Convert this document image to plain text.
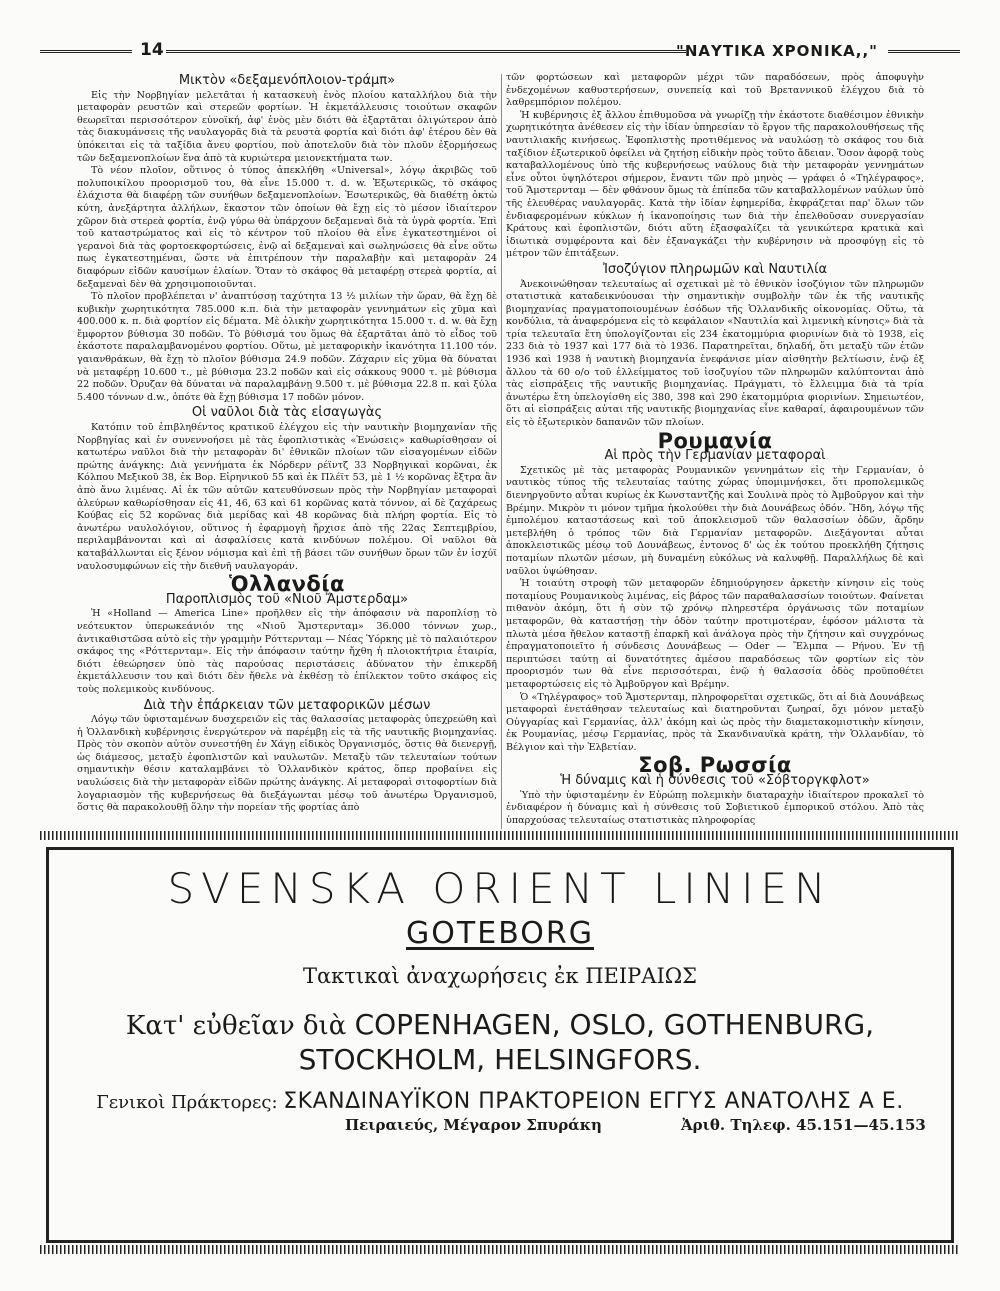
14	"ΝΑΥΤΙΚΑ ΧΡΟΝΙΚΑ,,"
Μικτὸν «δεξαμενόπλοιον-τράμπ»

Εἰς τὴν Νορβηγίαν μελετᾶται ἡ κατασκευὴ ἑνὸς πλοίου καταλλήλου διὰ τὴν μεταφορὰν ρευστῶν καὶ στερεῶν φορτίων. Ἡ ἐκμετάλλευσις τοιούτων σκαφῶν θεωρεῖται περισσότερον εὐνοϊκή, ἀφ' ἑνὸς μὲν διότι θὰ ἐξαρτᾶται ὀλιγώτερον ἀπὸ τὰς διακυμάνσεις τῆς ναυλαγορᾶς διὰ τὰ ρευστὰ φορτία καὶ διότι ἀφ' ἑτέρου δὲν θὰ ὑπόκειται εἰς τὰ ταξίδια ἄνευ φορτίου, ποὺ ἀποτελοῦν διὰ τὸν πλοῦν ἐξορμήσεως τῶν δεξαμενοπλοίων ἕνα ἀπὸ τὰ κυριώτερα μειονεκτήματα των.

Τὸ νέον πλοῖον, οὕτινος ὁ τύπος ἀπεκλήθη «Universal», λόγῳ ἀκριβῶς τοῦ πολυποικίλου προορισμοῦ του, θὰ εἶνε 15.000 τ. d. w. Ἐξωτερικῶς, τὸ σκάφος ἐλάχιστα θὰ διαφέρῃ τῶν συνήθων δεξαμενοπλοίων. Ἐσωτερικῶς, θὰ διαθέτῃ ὀκτὼ κύτη, ἀνεξάρτητα ἀλλήλων, ἕκαστον τῶν ὁποίων θὰ ἔχῃ εἰς τὸ μέσον ἰδιαίτερον χῶρον διὰ στερεὰ φορτία, ἐνῷ γύρω θὰ ὑπάρχουν δεξαμεναὶ διὰ τὰ ὑγρὰ φορτία. Ἐπὶ τοῦ καταστρώματος καὶ εἰς τὸ κέντρον τοῦ πλοίου θὰ εἶνε ἐγκατεστημένοι οἱ γερανοὶ διὰ τὰς φορτοεκφορτώσεις, ἐνῷ αἱ δεξαμεναὶ καὶ σωληνώσεις θὰ εἶνε οὕτω πως ἐγκατεστημέναι, ὥστε νὰ ἐπιτρέπουν τὴν παραλαβὴν καὶ μεταφορὰν 24 διαφόρων εἰδῶν καυσίμων ἐλαίων. Ὅταν τὸ σκάφος θὰ μεταφέρῃ στερεὰ φορτία, αἱ δεξαμεναὶ δὲν θὰ χρησιμοποιοῦνται.

Τὸ πλοῖον προβλέπεται ν' ἀναπτύσσῃ ταχύτητα 13 ½ μιλίων τὴν ὥραν, θὰ ἔχῃ δὲ κυβικὴν χωρητικότητα 785.000 κ.π. διὰ τὴν μεταφορὰν γεννημάτων εἰς χῦμα καὶ 400.000 κ. π. διὰ φορτίον εἰς δέματα. Μὲ ὁλικὴν χωρητικότητα 15.000 τ. d. w. θὰ ἔχῃ ἔμφορτον βύθισμα 30 ποδῶν. Τὸ βύθισμά του ὅμως θὰ ἐξαρτᾶται ἀπὸ τὸ εἶδος τοῦ ἑκάστοτε παραλαμβανομένου φορτίου. Οὕτω, μὲ μεταφορικὴν ἱκανότητα 11.100 τόν. γαιανθράκων, θὰ ἔχῃ τὸ πλοῖον βύθισμα 24.9 ποδῶν. Ζάχαριν εἰς χῦμα θὰ δύναται νὰ μεταφέρῃ 10.600 τ., μὲ βύθισμα 23.2 ποδῶν καὶ εἰς σάκκους 9000 τ. μὲ βύθισμα 22 ποδῶν. Ὀρυζαν θὰ δύναται νὰ παραλαμβάνῃ 9.500 τ. μὲ βύθισμα 22.8 π. καὶ ξύλα 5.400 τόννων d.w., ὁπότε θὰ ἔχῃ βύθισμα 17 ποδῶν μόνον.

Οἱ ναῦλοι διὰ τὰς εἰσαγωγὰς

Κατόπιν τοῦ ἐπιβληθέντος κρατικοῦ ἐλέγχου εἰς τὴν ναυτικὴν βιομηχανίαν τῆς Νορβηγίας καὶ ἐν συνεννοήσει μὲ τὰς ἐφοπλιστικὰς «Ἑνώσεις» καθωρίσθησαν οἱ κατωτέρω ναῦλοι διὰ τὴν μεταφορὰν δι' ἐθνικῶν πλοίων τῶν εἰσαγομένων εἰδῶν πρώτης ἀνάγκης: Διὰ γεννήματα ἐκ Νόρδερν ρέϊντζ 33 Νορβηγικαὶ κορῶναι, ἐκ Κόλπου Μεξικοῦ 38, ἐκ Βορ. Εἰρηνικοῦ 55 καὶ ἐκ Πλέϊτ 53, μὲ 1 ½ κορῶνας ἔξτρα ἂν ἀπὸ ἄνω λιμένας. Αἱ ἐκ τῶν αὐτῶν κατευθύνσεων πρὸς τὴν Νορβηγίαν μεταφοραὶ ἀλεύρων καθωρίσθησαν εἰς 41, 46, 63 καὶ 61 κορῶνας κατὰ τόννον, αἱ δὲ ζαχάρεως Κούβας εἰς 52 κορῶνας διὰ μερίδας καὶ 48 κορῶνας διὰ πλήρη φορτία. Εἰς τὸ ἀνωτέρω ναυλολόγιον, οὕτινος ἡ ἐφαρμογὴ ἤρχισε ἀπὸ τῆς 22ας Σεπτεμβρίου, περιλαμβάνονται καὶ αἱ ἀσφαλίσεις κατὰ κινδύνων πολέμου. Οἱ ναῦλοι θὰ καταβάλλωνται εἰς ξένον νόμισμα καὶ ἐπὶ τῇ βάσει τῶν συνήθων ὅρων τῶν ἐν ἰσχύϊ ναυλοσυμφώνων εἰς τὴν διεθνῆ ναυλαγοράν.

Ὁλλανδία
Παροπλισμὸς τοῦ «Νιοῦ Ἄμστερδαμ»

Ἡ «Holland — America Line» προῆλθεν εἰς τὴν ἀπόφασιν νὰ παροπλίσῃ τὸ νεότευκτον ὑπερωκεάνιόν της «Νιοῦ Ἄμστερνταμ» 36.000 τόννων χωρ., ἀντικαθιστῶσα αὐτὸ εἰς τὴν γραμμὴν Ρόττερνταμ — Νέας Ὑόρκης μὲ τὸ παλαιότερον σκάφος της «Ρόττερνταμ». Εἰς τὴν ἀπόφασιν ταύτην ἤχθη ἡ πλοιοκτήτρια ἑταιρία, διότι ἐθεώρησεν ὑπὸ τὰς παρούσας περιστάσεις ἀδύνατον τὴν ἐπικερδῆ ἐκμετάλλευσιν του καὶ διότι δὲν ἤθελε νὰ ἐκθέσῃ τὸ ἐπίλεκτον τοῦτο σκάφος εἰς τοὺς πολεμικοὺς κινδύνους.

Διὰ τὴν ἐπάρκειαν τῶν μεταφορικῶν μέσων

Λόγῳ τῶν ὑφισταμένων δυσχερειῶν εἰς τὰς θαλασσίας μεταφορὰς ὑπεχρεώθη καὶ ἡ Ὁλλανδικὴ κυβέρνησις ἐνεργώτερον νὰ παρέμβῃ εἰς τὰ τῆς ναυτικῆς βιομηχανίας. Πρὸς τὸν σκοπὸν αὐτὸν συνεστήθη ἐν Χάγῃ εἰδικὸς Ὀργανισμός, ὅστις θὰ διενεργῇ, ὡς διάμεσος, μεταξὺ ἐφοπλιστῶν καὶ ναυλωτῶν. Μεταξὺ τῶν τελευταίων τούτων σημαντικὴν θέσιν καταλαμβάνει τὸ Ὁλλανδικὸν κράτος, ὅπερ προβαίνει εἰς ναυλώσεις διὰ τὴν μεταφορὰν εἰδῶν πρώτης ἀνάγκης. Αἱ μεταφοραὶ σιτοφορτίων διὰ λογαριασμὸν τῆς κυβερνήσεως θὰ διεξάγωνται μέσῳ τοῦ ἀνωτέρω Ὀργανισμοῦ, ὅστις θὰ παρακολουθῇ ὅλην τὴν πορείαν τῆς φορτίας ἀπὸ

τῶν φορτώσεων καὶ μεταφορῶν μέχρι τῶν παραδόσεων, πρὸς ἀποφυγὴν ἐνδεχομένων καθυστερήσεων, συνεπείᾳ καὶ τοῦ Βρεταννικοῦ ἐλέγχου διὰ τὸ λαθρεμπόριον πολέμου.

Ἡ κυβέρνησις ἐξ ἄλλου ἐπιθυμοῦσα νὰ γνωρίζῃ τὴν ἑκάστοτε διαθέσιμον ἐθνικὴν χωρητικότητα ἀνέθεσεν εἰς τὴν ἰδίαν ὑπηρεσίαν τὸ ἔργον τῆς παρακολουθήσεως τῆς ναυτιλιακῆς κινήσεως. Ἐφοπλιστὴς προτιθέμενος νὰ ναυλώσῃ τὸ σκάφος του διὰ ταξίδιον ἐξωτερικοῦ ὀφείλει νὰ ζητήσῃ εἰδικὴν πρὸς τοῦτο ἄδειαν. Ὅσον ἀφορᾷ τοὺς καταβαλλομένους ὑπὸ τῆς κυβερνήσεως ναύλους διὰ τὴν μεταφορὰν γεννημάτων εἶνε οὗτοι ὑψηλότεροι σήμερον, ἔναντι τῶν πρὸ μηνὸς — γράφει ὁ «Τηλέγραφος», τοῦ Ἄμστερνταμ — δὲν φθάνουν ὅμως τὰ ἐπίπεδα τῶν καταβαλλομένων ναύλων ὑπὸ τῆς ἐλευθέρας ναυλαγορᾶς. Κατὰ τὴν ἰδίαν ἐφημερίδα, ἐκφράζεται παρ' ὅλων τῶν ἐνδιαφερομένων κύκλων ἡ ἱκανοποίησις των διὰ τὴν ἐπελθοῦσαν συνεργασίαν Κράτους καὶ ἐφοπλιστῶν, διότι αὕτη ἐξασφαλίζει τὰ γενικώτερα κρατικὰ καὶ ἰδιωτικὰ συμφέροντα καὶ δὲν ἐξαναγκάζει τὴν κυβέρνησιν νὰ προσφύγῃ εἰς τὸ μέτρον τῶν ἐπιτάξεων.

Ἰσοζύγιον πληρωμῶν καὶ Ναυτιλία

Ἀνεκοινώθησαν τελευταίως αἱ σχετικαὶ μὲ τὸ ἐθνικὸν ἰσοζύγιον τῶν πληρωμῶν στατιστικὰ καταδεικνύουσαι τὴν σημαντικὴν συμβολὴν τῶν ἐκ τῆς ναυτικῆς βιομηχανίας πραγματοποιουμένων ἐσόδων τῆς Ὁλλανδικῆς οἰκονομίας. Οὕτω, τὰ κονδύλια, τὰ ἀναφερόμενα εἰς τὸ κεφάλαιον «Ναυτιλία καὶ λιμενικὴ κίνησις» διὰ τὰ τρία τελευταῖα ἔτη ὑπολογίζονται εἰς 234 ἑκατομμύρια φιορινίων διὰ τὸ 1938, εἰς 233 διὰ τὸ 1937 καὶ 177 διὰ τὸ 1936. Παρατηρεῖται, δηλαδή, ὅτι μεταξὺ τῶν ἐτῶν 1936 καὶ 1938 ἡ ναυτικὴ βιομηχανία ἐνεφάνισε μίαν αἰσθητὴν βελτίωσιν, ἐνῷ ἐξ ἄλλου τὰ 60 ο/ο τοῦ ἐλλείμματος τοῦ ἰσοζυγίου τῶν πληρωμῶν καλύπτονται ἀπὸ τὰς εἰσπράξεις τῆς ναυτικῆς βιομηχανίας. Πράγματι, τὸ ἔλλειμμα διὰ τὰ τρία ἀνωτέρω ἔτη ὑπελογίσθη εἰς 380, 398 καὶ 290 ἑκατομμύρια φιορινίων. Σημειωτέον, ὅτι αἱ εἰσπράξεις αὐται τῆς ναυτικῆς βιομηχανίας εἶνε καθαραί, ἀφαιρουμένων τῶν εἰς τὸ ἐξωτερικὸν δαπανῶν τῶν πλοίων.

Ρουμανία
Αἱ πρὸς τὴν Γερμανίαν μεταφοραὶ

Σχετικῶς μὲ τὰς μεταφορὰς Ρουμανικῶν γεννημάτων εἰς τὴν Γερμανίαν, ὁ ναυτικὸς τύπος τῆς τελευταίας ταύτης χώρας ὑπομιμνήσκει, ὅτι προπολεμικῶς διενηργοῦντο αὗται κυρίως ἐκ Κωνσταντζῆς καὶ Σουλινὰ πρὸς τὸ Ἀμβοῦργον καὶ τὴν Βρέμην. Μικρὸν τι μόνον τμῆμα ἠκολούθει τὴν διὰ Δουνάβεως ὁδόν. Ἤδη, λόγῳ τῆς ἐμπολέμου καταστάσεως καὶ τοῦ ἀποκλεισμοῦ τῶν θαλασσίων ὁδῶν, ἄρδην μετεβλήθη ὁ τρόπος τῶν διὰ Γερμανίαν μεταφορῶν. Διεξάγονται αὗται ἀποκλειστικῶς μέσῳ τοῦ Δουνάβεως, ἐντονος δ' ὡς ἐκ τούτου προεκλήθη ζήτησις ποταμίων πλωτῶν μέσων, μὴ δυναμένη εὐκόλως νὰ καλυφθῇ. Παραλλήλως δὲ καὶ ναῦλοι ὑψώθησαν.

Ἡ τοιαύτη στροφὴ τῶν μεταφορῶν ἐδημιούργησεν ἀρκετὴν κίνησιν εἰς τοὺς ποταμίους Ρουμανικοὺς λιμένας, εἰς βάρος τῶν παραθαλασσίων τοιούτων. Φαίνεται πιθανὸν ἀκόμη, ὅτι ἡ σὺν τῷ χρόνῳ πληρεστέρα ὀργάνωσις τῶν ποταμίων μεταφορῶν, θὰ καταστήσῃ τὴν ὁδὸν ταύτην προτιμοτέραν, ἐφόσον μάλιστα τὰ πλωτὰ μέσα ἤθελον καταστῇ ἐπαρκῆ καὶ ἀνάλογα πρὸς τὴν ζήτησιν καὶ συγχρόνως ἐπραγματοποιεῖτο ἡ σύνδεσις Δουνάβεως — Oder — Ἔλμπα — Ρήνου. Ἐν τῇ περιπτώσει ταύτῃ αἱ δυνατότητες ἀμέσου παραδόσεως τῶν φορτίων εἰς τὸν προορισμόν των θὰ εἶνε περισσότεραι, ἐνῷ ἡ θαλασσία ὁδὸς προϋποθέτει μεταφορτώσεις εἰς τὸ Ἀμβοῦργον καὶ Βρέμην.

Ὁ «Τηλέγραφος» τοῦ Ἄμστερνταμ, πληροφορεῖται σχετικῶς, ὅτι αἱ διὰ Δουνάβεως μεταφοραὶ ἐνετάθησαν τελευταίως καὶ διατηροῦνται ζωηραί, ὄχι μόνον μεταξὺ Οὐγγαρίας καὶ Γερμανίας, ἀλλ' ἀκόμη καὶ ὡς πρὸς τὴν διαμετακομιστικὴν κίνησιν, ἐκ Ρουμανίας, μέσῳ Γερμανίας, πρὸς τὰ Σκανδιναυϊκὰ κράτη, τὴν Ὁλλανδίαν, τὸ Βέλγιον καὶ τὴν Ἑλβετίαν.

Σοβ. Ρωσσία
Ἡ δύναμις καὶ ἡ σύνθεσις τοῦ «Σόβτοργκφλοτ»

Ὑπὸ τὴν ὑφισταμένην ἐν Εὐρώπῃ πολεμικὴν διαταραχὴν ἰδιαίτερον προκαλεῖ τὸ ἐνδιαφέρον ἡ δύναμις καὶ ἡ σύνθεσις τοῦ Σοβιετικοῦ ἐμπορικοῦ στόλου. Ἀπὸ τὰς ὑπαρχούσας τελευταίως στατιστικὰς πληροφορίας

SVENSKA ORIENT LINIEN
GOTEBORG
Τακτικαὶ ἀναχωρήσεις ἐκ ΠΕΙΡΑΙΩΣ
Κατ' εὐθεῖαν διὰ COPENHAGEN, OSLO, GOTHENBURG,
STOCKHOLM, HELSINGFORS.
Γενικοὶ Πράκτορες: ΣΚΑΝΔΙΝΑΥΪΚΟΝ ΠΡΑΚΤΟΡΕΙΟΝ ΕΓΓΥΣ ΑΝΑΤΟΛΗΣ Α Ε.
Πειραιεύς, Μέγαρον Σπυράκη	Ἀριθ. Τηλεφ. 45.151—45.153
